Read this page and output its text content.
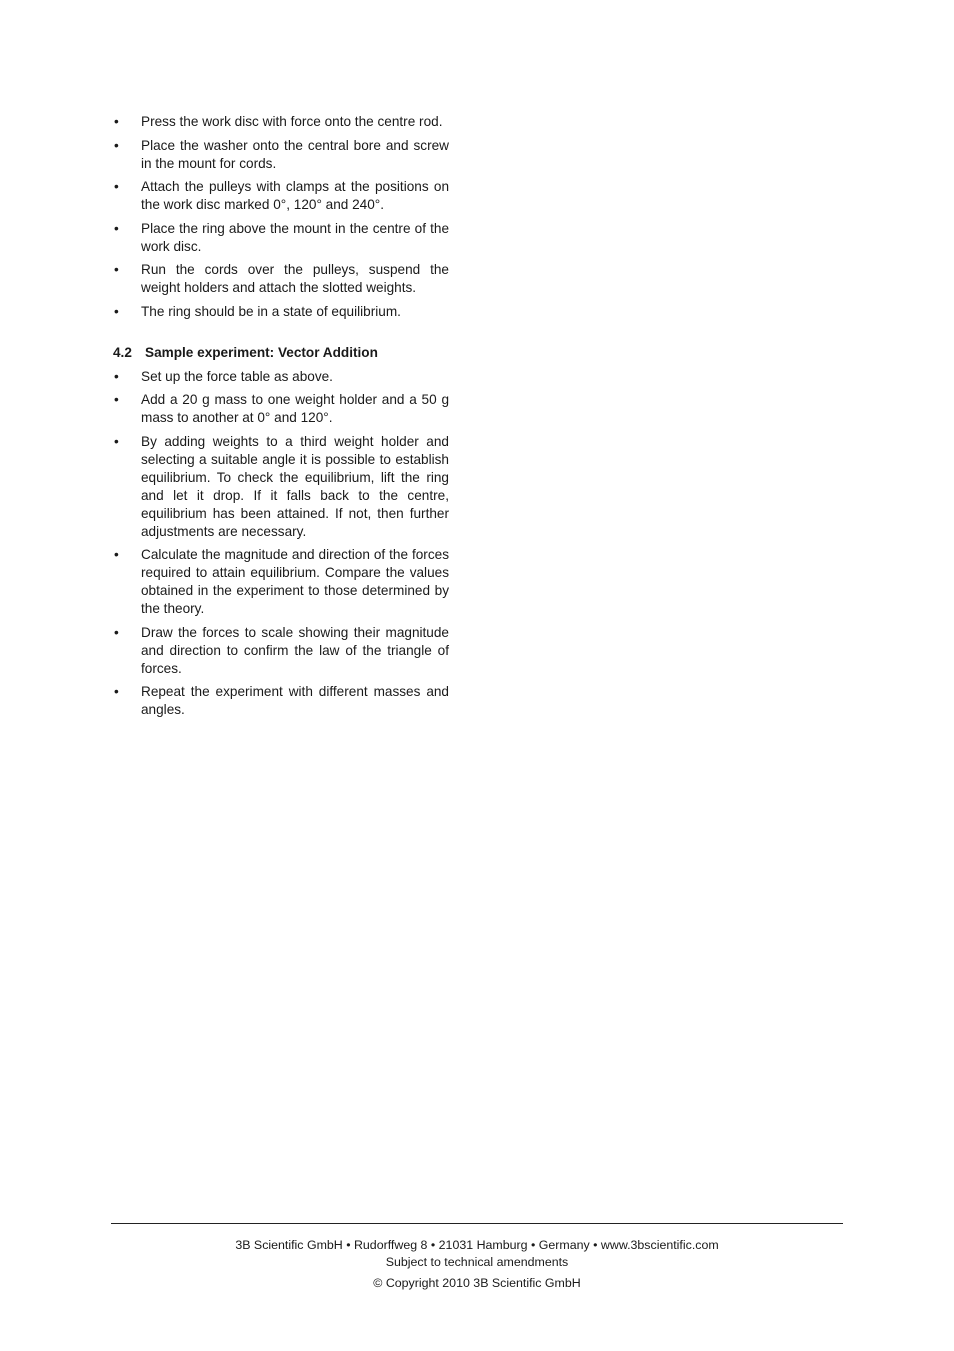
•	Press the work disc with force onto the centre rod.
•	Place the washer onto the central bore and screw in the mount for cords.
•	Attach the pulleys with clamps at the positions on the work disc marked 0°, 120° and 240°.
•	Place the ring above the mount in the centre of the work disc.
•	Run the cords over the pulleys, suspend the weight holders and attach the slotted weights.
•	The ring should be in a state of equilibrium.
4.2 Sample experiment: Vector Addition
•	Set up the force table as above.
•	Add a 20 g mass to one weight holder and a 50 g mass to another at 0° and 120°.
•	By adding weights to a third weight holder and selecting a suitable angle it is possible to establish equilibrium. To check the equilibrium, lift the ring and let it drop. If it falls back to the centre, equilibrium has been attained. If not, then further adjustments are necessary.
•	Calculate the magnitude and direction of the forces required to attain equilibrium. Compare the values obtained in the experiment to those determined by the theory.
•	Draw the forces to scale showing their magnitude and direction to confirm the law of the triangle of forces.
•	Repeat the experiment with different masses and angles.
3B Scientific GmbH • Rudorffweg 8 • 21031 Hamburg • Germany • www.3bscientific.com
Subject to technical amendments
© Copyright 2010 3B Scientific GmbH
